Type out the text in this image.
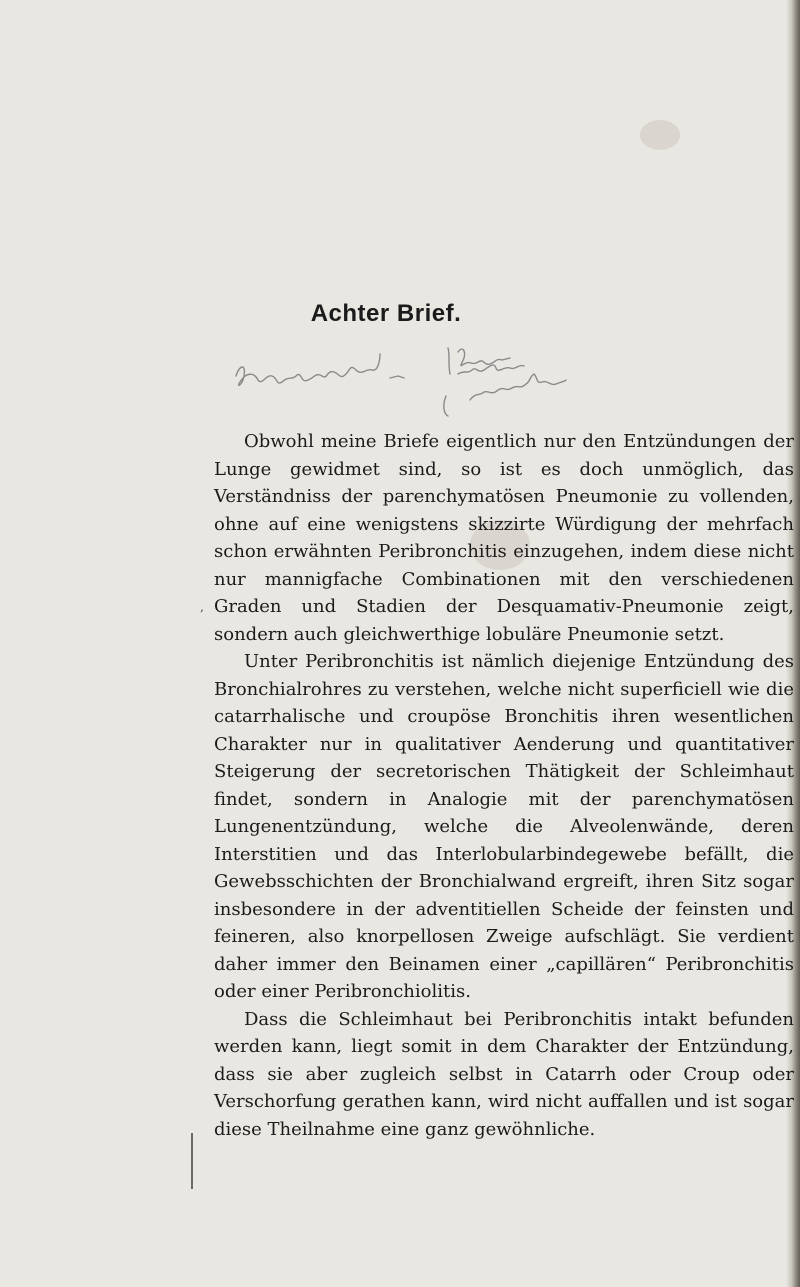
Achter Brief.
‚

Obwohl meine Briefe eigentlich nur den Entzündungen der Lunge gewidmet sind, so ist es doch unmöglich, das Verständniss der parenchymatösen Pneumonie zu vollenden, ohne auf eine wenigstens skizzirte Würdigung der mehrfach schon erwähnten Peribronchitis einzugehen, indem diese nicht nur mannigfache Combinationen mit den verschiedenen Graden und Stadien der Desquamativ-Pneumonie zeigt, sondern auch gleichwerthige lobuläre Pneumonie setzt.

Unter Peribronchitis ist nämlich diejenige Entzündung des Bronchialrohres zu verstehen, welche nicht superficiell wie die catarrhalische und croupöse Bronchitis ihren wesentlichen Charakter nur in qualitativer Aenderung und quantitativer Steigerung der secretorischen Thätigkeit der Schleimhaut findet, sondern in Analogie mit der parenchymatösen Lungenentzündung, welche die Alveolenwände, deren Interstitien und das Interlobularbindegewebe befällt, die Gewebsschichten der Bronchialwand ergreift, ihren Sitz sogar insbesondere in der adventitiellen Scheide der feinsten und feineren, also knorpellosen Zweige aufschlägt. Sie verdient daher immer den Beinamen einer „capillären“ Peribronchitis oder einer Peribronchiolitis.

Dass die Schleimhaut bei Peribronchitis intakt befunden werden kann, liegt somit in dem Charakter der Entzündung, dass sie aber zugleich selbst in Catarrh oder Croup oder Verschorfung gerathen kann, wird nicht auffallen und ist sogar diese Theilnahme eine ganz gewöhnliche.
